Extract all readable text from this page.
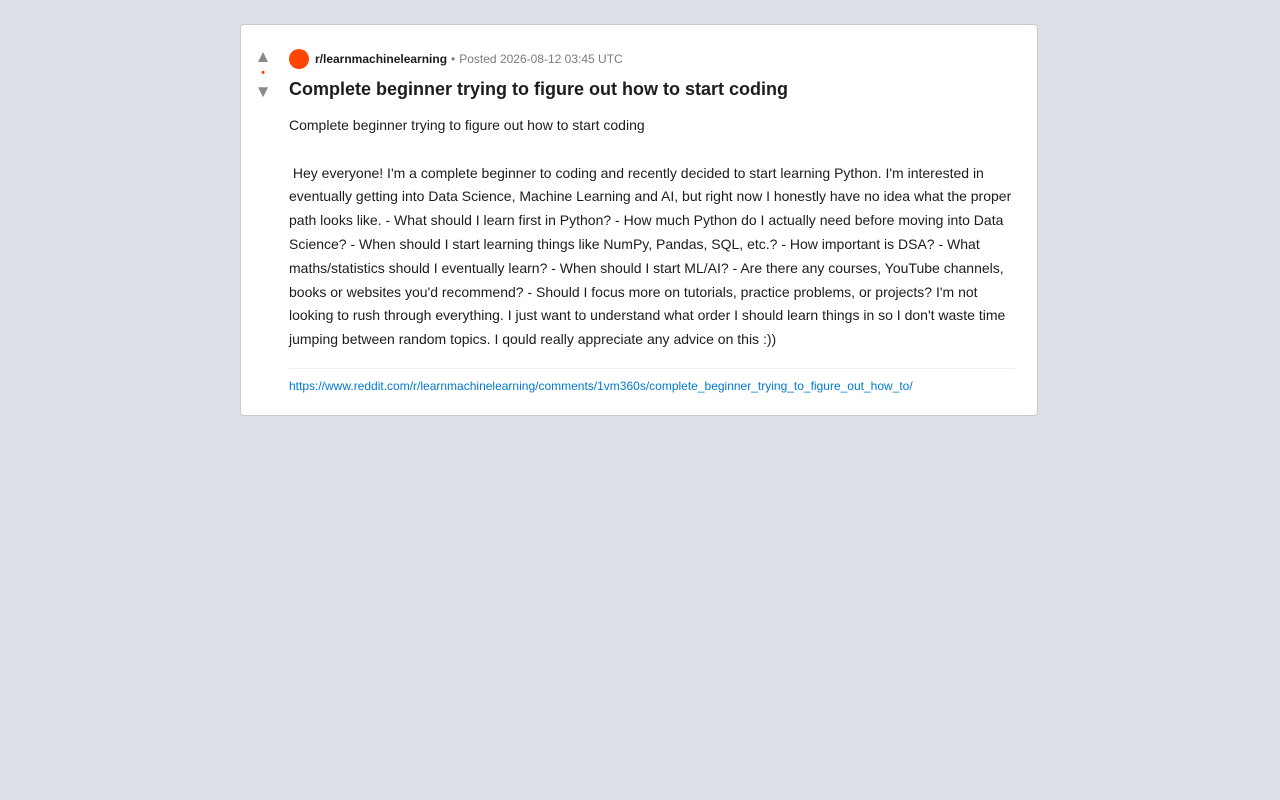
▲
•
▼
r/learnmachinelearning • Posted 2026-08-12 03:45 UTC
Complete beginner trying to figure out how to start coding
Complete beginner trying to figure out how to start coding

Hey everyone! I'm a complete beginner to coding and recently decided to start learning Python. I'm interested in eventually getting into Data Science, Machine Learning and AI, but right now I honestly have no idea what the proper path looks like. - What should I learn first in Python? - How much Python do I actually need before moving into Data Science? - When should I start learning things like NumPy, Pandas, SQL, etc.? - How important is DSA? - What maths/statistics should I eventually learn? - When should I start ML/AI? - Are there any courses, YouTube channels, books or websites you'd recommend? - Should I focus more on tutorials, practice problems, or projects? I'm not looking to rush through everything. I just want to understand what order I should learn things in so I don't waste time jumping between random topics. I qould really appreciate any advice on this :))
https://www.reddit.com/r/learnmachinelearning/comments/1vm360s/complete_beginner_trying_to_figure_out_how_to/
